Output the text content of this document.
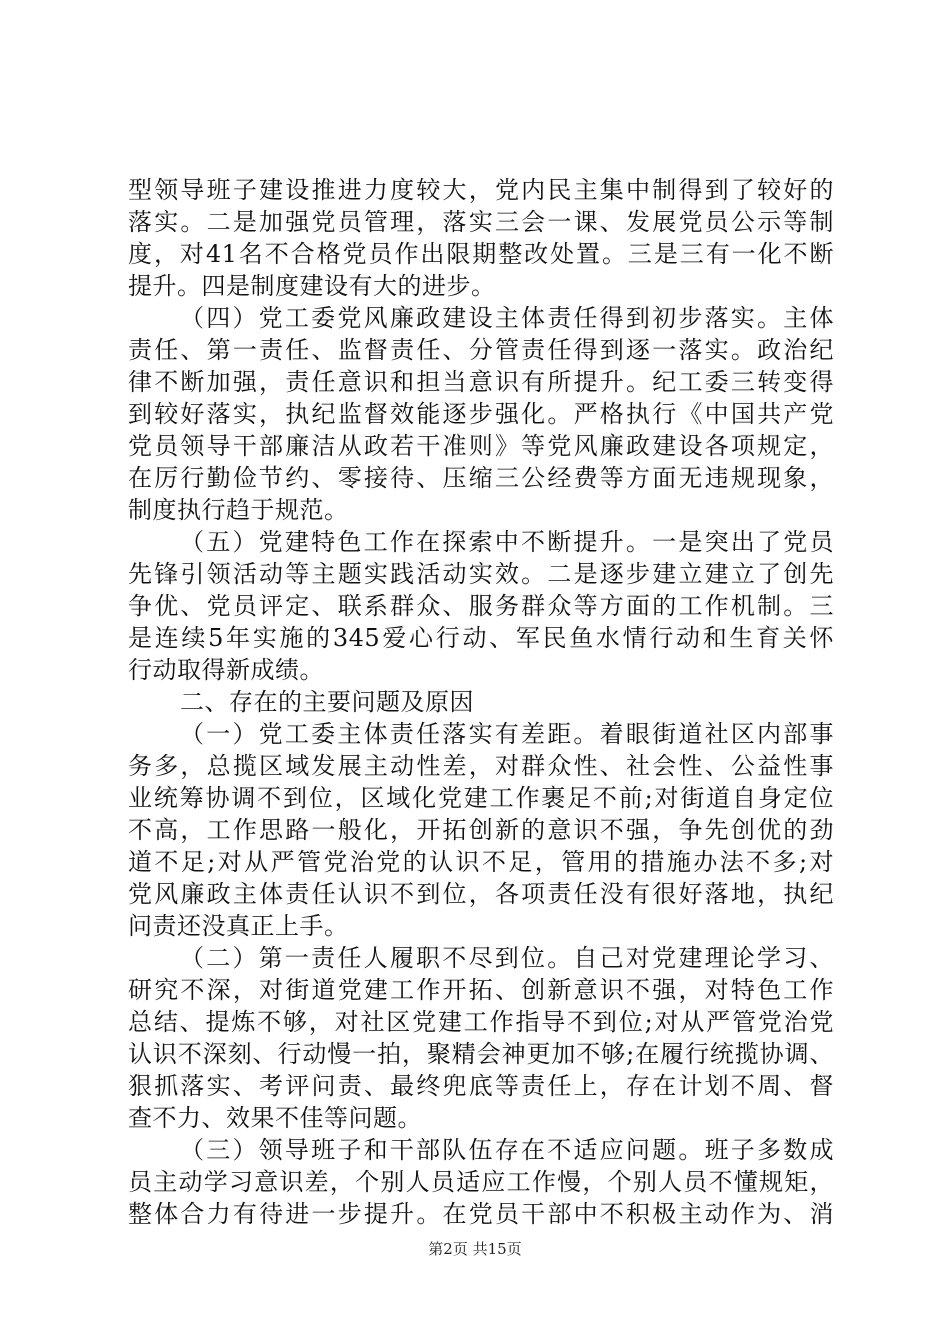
型领导班子建设推进力度较大，党内民主集中制得到了较好的
落实。二是加强党员管理，落实三会一课、发展党员公示等制
度，对41名不合格党员作出限期整改处置。三是三有一化不断
提升。四是制度建设有大的进步。
（四）党工委党风廉政建设主体责任得到初步落实。主体
责任、第一责任、监督责任、分管责任得到逐一落实。政治纪
律不断加强，责任意识和担当意识有所提升。纪工委三转变得
到较好落实，执纪监督效能逐步强化。严格执行《中国共产党
党员领导干部廉洁从政若干准则》等党风廉政建设各项规定，
在厉行勤俭节约、零接待、压缩三公经费等方面无违规现象，
制度执行趋于规范。
（五）党建特色工作在探索中不断提升。一是突出了党员
先锋引领活动等主题实践活动实效。二是逐步建立建立了创先
争优、党员评定、联系群众、服务群众等方面的工作机制。三
是连续5年实施的345爱心行动、军民鱼水情行动和生育关怀
行动取得新成绩。
二、存在的主要问题及原因
（一）党工委主体责任落实有差距。着眼街道社区内部事
务多，总揽区域发展主动性差，对群众性、社会性、公益性事
业统筹协调不到位，区域化党建工作裹足不前;对街道自身定位
不高，工作思路一般化，开拓创新的意识不强，争先创优的劲
道不足;对从严管党治党的认识不足，管用的措施办法不多;对
党风廉政主体责任认识不到位，各项责任没有很好落地，执纪
问责还没真正上手。
（二）第一责任人履职不尽到位。自己对党建理论学习、
研究不深，对街道党建工作开拓、创新意识不强，对特色工作
总结、提炼不够，对社区党建工作指导不到位;对从严管党治党
认识不深刻、行动慢一拍，聚精会神更加不够;在履行统揽协调、
狠抓落实、考评问责、最终兜底等责任上，存在计划不周、督
查不力、效果不佳等问题。
（三）领导班子和干部队伍存在不适应问题。班子多数成
员主动学习意识差，个别人员适应工作慢，个别人员不懂规矩，
整体合力有待进一步提升。在党员干部中不积极主动作为、消
第2页 共15页
